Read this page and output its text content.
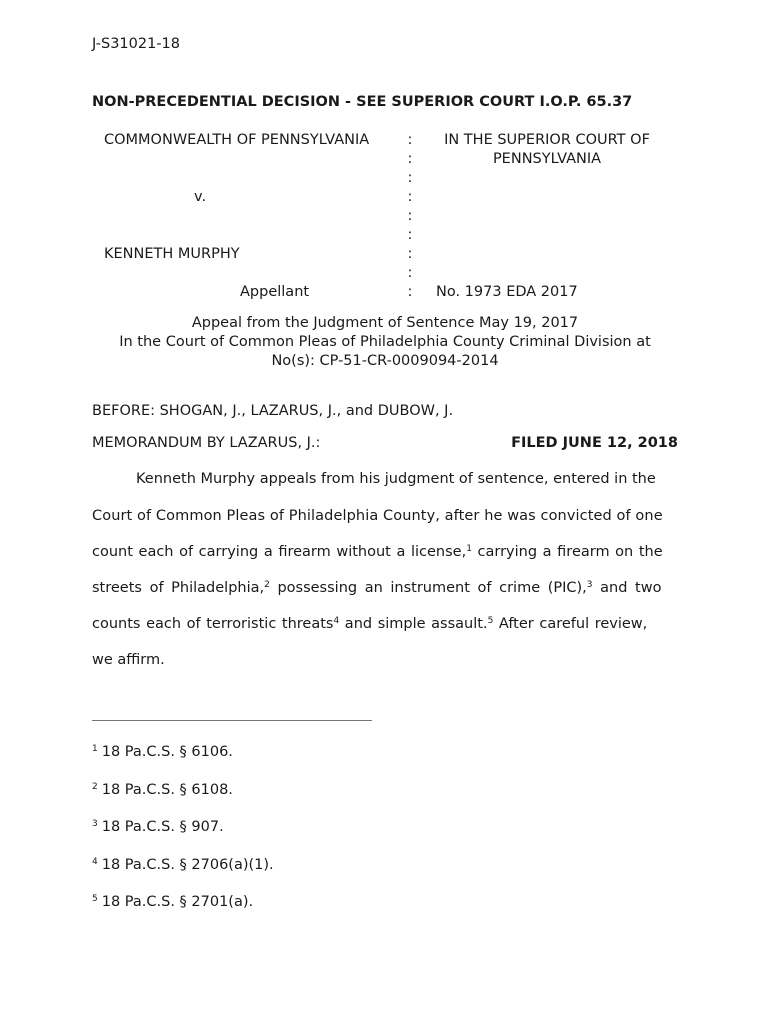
J-S31021-18
NON-PRECEDENTIAL DECISION - SEE SUPERIOR COURT I.O.P. 65.37
COMMONWEALTH OF PENNSYLVANIA
v.
KENNETH MURPHY
Appellant
:
:
:
:
:
:
:
:
:
IN THE SUPERIOR COURT OF
PENNSYLVANIA
No. 1973 EDA 2017
Appeal from the Judgment of Sentence May 19, 2017
In the Court of Common Pleas of Philadelphia County Criminal Division at
No(s): CP-51-CR-0009094-2014
BEFORE: SHOGAN, J., LAZARUS, J., and DUBOW, J.
MEMORANDUM BY LAZARUS, J.:	FILED JUNE 12, 2018
Kenneth Murphy appeals from his judgment of sentence, entered in the
Court of Common Pleas of Philadelphia County, after he was convicted of one
count each of carrying a firearm without a license,$^1$ carrying a firearm on the
streets of Philadelphia,$^2$ possessing an instrument of crime (PIC),$^3$ and two
counts each of terroristic threats$^4$ and simple assault.$^5$ After careful review,
we affirm.
$^1$ 18 Pa.C.S. § 6106.
$^2$ 18 Pa.C.S. § 6108.
$^3$ 18 Pa.C.S. § 907.
$^4$ 18 Pa.C.S. § 2706(a)(1).
$^5$ 18 Pa.C.S. § 2701(a).
